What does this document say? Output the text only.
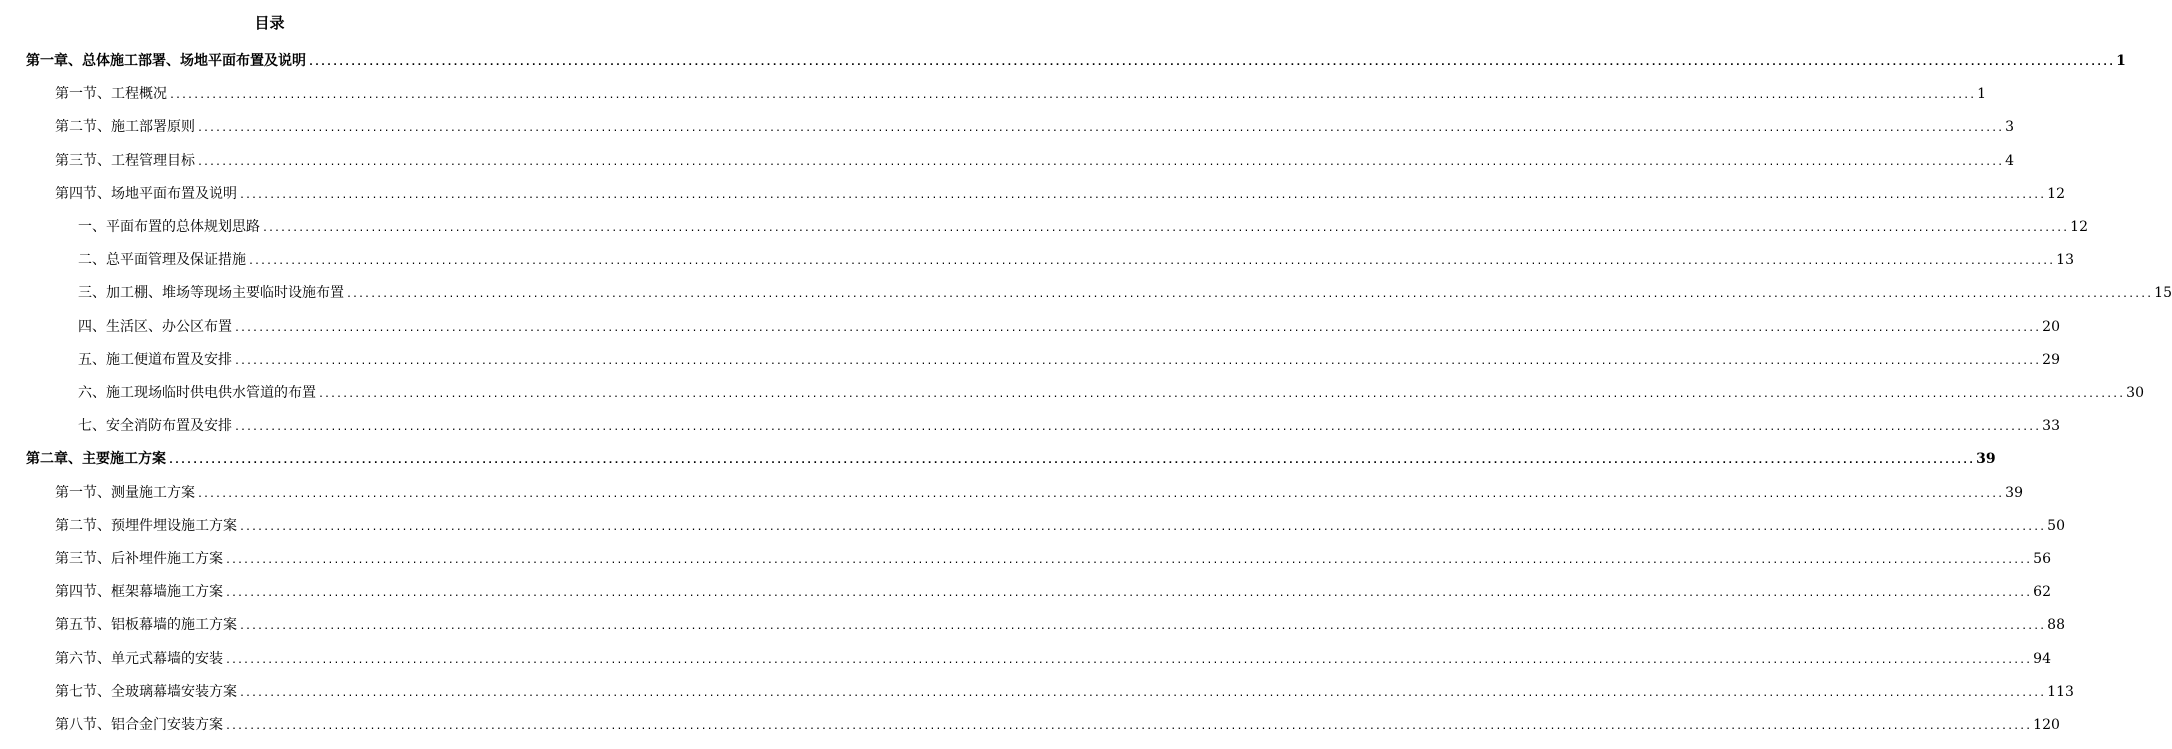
目录
第一章、总体施工部署、场地平面布置及说明 ............................................................................................................................................................................................................................................................................................................ 1
第一节、工程概况 ............................................................................................................................................................................................................................................................................................................ 1
第二节、施工部署原则 ............................................................................................................................................................................................................................................................................................................ 3
第三节、工程管理目标 ............................................................................................................................................................................................................................................................................................................ 4
第四节、场地平面布置及说明 ............................................................................................................................................................................................................................................................................................................ 12
一、平面布置的总体规划思路 ............................................................................................................................................................................................................................................................................................................ 12
二、总平面管理及保证措施 ............................................................................................................................................................................................................................................................................................................ 13
三、加工棚、堆场等现场主要临时设施布置 ............................................................................................................................................................................................................................................................................................................ 15
四、生活区、办公区布置 ............................................................................................................................................................................................................................................................................................................ 20
五、施工便道布置及安排 ............................................................................................................................................................................................................................................................................................................ 29
六、施工现场临时供电供水管道的布置 ............................................................................................................................................................................................................................................................................................................ 30
七、安全消防布置及安排 ............................................................................................................................................................................................................................................................................................................ 33
第二章、主要施工方案 ............................................................................................................................................................................................................................................................................................................ 39
第一节、测量施工方案 ............................................................................................................................................................................................................................................................................................................ 39
第二节、预埋件埋设施工方案 ............................................................................................................................................................................................................................................................................................................ 50
第三节、后补埋件施工方案 ............................................................................................................................................................................................................................................................................................................ 56
第四节、框架幕墙施工方案 ............................................................................................................................................................................................................................................................................................................ 62
第五节、铝板幕墙的施工方案 ............................................................................................................................................................................................................................................................................................................ 88
第六节、单元式幕墙的安装 ............................................................................................................................................................................................................................................................................................................ 94
第七节、全玻璃幕墙安装方案 ............................................................................................................................................................................................................................................................................................................ 113
第八节、铝合金门安装方案 ............................................................................................................................................................................................................................................................................................................ 120
